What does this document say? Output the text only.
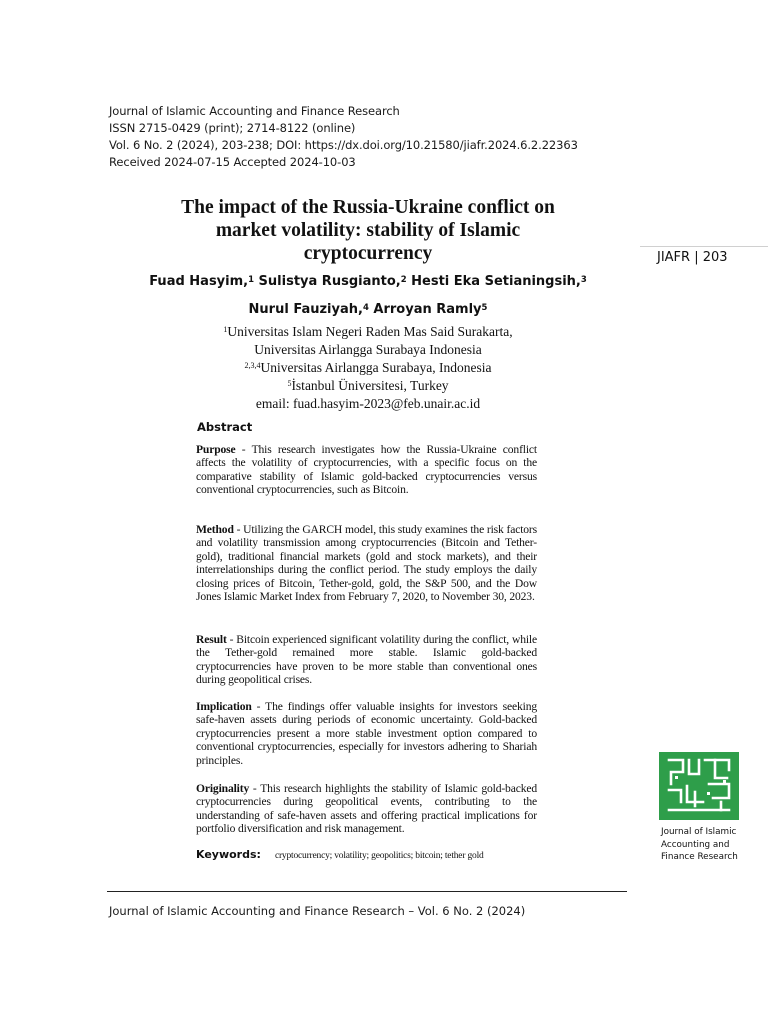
Journal of Islamic Accounting and Finance Research
ISSN 2715-0429 (print); 2714-8122 (online)
Vol. 6 No. 2 (2024), 203-238; DOI: https://dx.doi.org/10.21580/jiafr.2024.6.2.22363
Received 2024-07-15 Accepted 2024-10-03
The impact of the Russia-Ukraine conflict on market volatility: stability of Islamic cryptocurrency	JIAFR | 203
Fuad Hasyim,$^1$ Sulistya Rusgianto,$^2$ Hesti Eka Setianingsih,$^3$
Nurul Fauziyah,$^4$ Arroyan Ramly$^5$
$^1$Universitas Islam Negeri Raden Mas Said Surakarta,
Universitas Airlangga Surabaya Indonesia
$^{2,3,4}$Universitas Airlangga Surabaya, Indonesia
$^5$İstanbul Üniversitesi, Turkey
email: fuad.hasyim-2023@feb.unair.ac.id
Abstract

Purpose - This research investigates how the Russia-Ukraine conflict affects the volatility of cryptocurrencies, with a specific focus on the comparative stability of Islamic gold-backed cryptocurrencies versus conventional cryptocurrencies, such as Bitcoin.

Method - Utilizing the GARCH model, this study examines the risk factors and volatility transmission among cryptocurrencies (Bitcoin and Tether-gold), traditional financial markets (gold and stock markets), and their interrelationships during the conflict period. The study employs the daily closing prices of Bitcoin, Tether-gold, gold, the S&P 500, and the Dow Jones Islamic Market Index from February 7, 2020, to November 30, 2023.

Result - Bitcoin experienced significant volatility during the conflict, while the Tether-gold remained more stable. Islamic gold-backed cryptocurrencies have proven to be more stable than conventional ones during geopolitical crises.

Implication - The findings offer valuable insights for investors seeking safe-haven assets during periods of economic uncertainty. Gold-backed cryptocurrencies present a more stable investment option compared to conventional cryptocurrencies, especially for investors adhering to Shariah principles.

Originality - This research highlights the stability of Islamic gold-backed cryptocurrencies during geopolitical events, contributing to the understanding of safe-haven assets and offering practical implications for portfolio diversification and risk management.

Keywords: cryptocurrency; volatility; geopolitics; bitcoin; tether gold
Journal of Islamic
Accounting and
Finance Research
Journal of Islamic Accounting and Finance Research – Vol. 6 No. 2 (2024)
